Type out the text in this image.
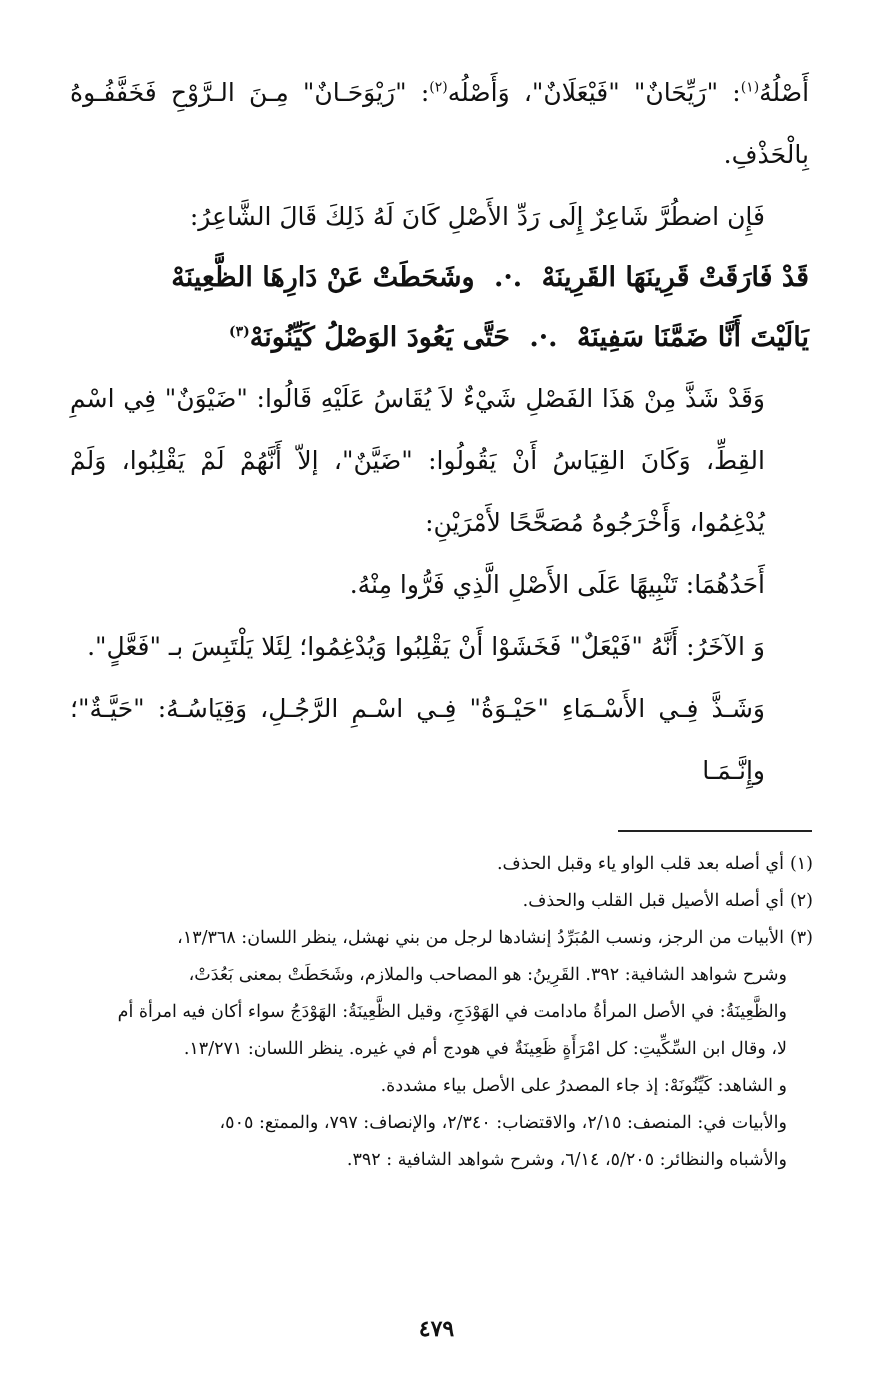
أَصْلُهُ$^{(١)}$: "رَيِّحَانٌ" "فَيْعَلَانٌ"، وَأَصْلُه$^{(٢)}$: "رَيْوَحَـانٌ" مِـنَ الـرَّوْحِ فَخَفَّفُـوهُ بِالْحَذْفِ.

فَإِن اضطُرَّ شَاعِرٌ إِلَى رَدِّ الأَصْلِ كَانَ لَهُ ذَلِكَ قَالَ الشَّاعِرُ:

قَدْ فَارَقَتْ قَرِينَهَا القَرِينَهْ .·. وشَحَطَتْ عَنْ دَارِهَا الظَّعِينَهْ
يَالَيْتَ أَنَّا ضَمَّنَا سَفِينَهْ .·. حَتَّى يَعُودَ الوَصْلُ كَيِّنُونَهْ$^{(٣)}$

وَقَدْ شَذَّ مِنْ هَذَا الفَصْلِ شَيْءٌ لاَ يُقَاسُ عَلَيْهِ قَالُوا: "ضَيْوَنٌ" فِي اسْمِ القِطِّ، وَكَانَ القِيَاسُ أَنْ يَقُولُوا: "ضَيَّنٌ"، إلاّ أَنَّهُمْ لَمْ يَقْلِبُوا، وَلَمْ يُدْغِمُوا، وَأَخْرَجُوهُ مُصَحَّحًا لأَمْرَيْنِ:

أَحَدُهُمَا: تَنْبِيهًا عَلَى الأَصْلِ الَّذِي فَرُّوا مِنْهُ.

وَ الآخَرُ: أَنَّهُ "فَيْعَلٌ" فَخَشَوْا أَنْ يَقْلِبُوا وَيُدْغِمُوا؛ لِئَلا يَلْتَبِسَ بـ "فَعَّلٍ".

وَشَـذَّ فِـي الأَسْـمَاءِ "حَيْـوَةُ" فِـي اسْـمِ الرَّجُـلِ، وَقِيَاسُـهُ: "حَيَّـةٌ"؛ وإِنَّـمَـا

(١)أي أصله بعد قلب الواو ياء وقبل الحذف.

(٢)أي أصله الأصيل قبل القلب والحذف.

(٣)الأبيات من الرجز، ونسب المُبَرِّدُ إنشادها لرجل من بني نهشل، ينظر اللسان: ١٣/٣٦٨،

وشرح شواهد الشافية: ٣٩٢. القَرِينُ: هو المصاحب والملازم، وشَحَطَتْ بمعنى بَعُدَتْ،

والظَّعِينَةُ: في الأصل المرأةُ مادامت في الهَوْدَجِ، وقيل الظَّعِينَةُ: الهَوْدَجُ سواء أكان فيه امرأة أم

لا، وقال ابن السِّكِّيتِ: كل امْرَأَةٍ ظَعِينَةٌ في هودج أم في غيره. ينظر اللسان: ١٣/٢٧١.

و الشاهد: كَيِّنُونَهْ: إذ جاء المصدرُ على الأصل بياء مشددة.

والأبيات في: المنصف: ٢/١٥، والاقتضاب: ٢/٣٤٠، والإنصاف: ٧٩٧، والممتع: ٥٠٥،

والأشباه والنظائر: ٥/٢٠٥، ٦/١٤، وشرح شواهد الشافية : ٣٩٢.

٤٧٩
